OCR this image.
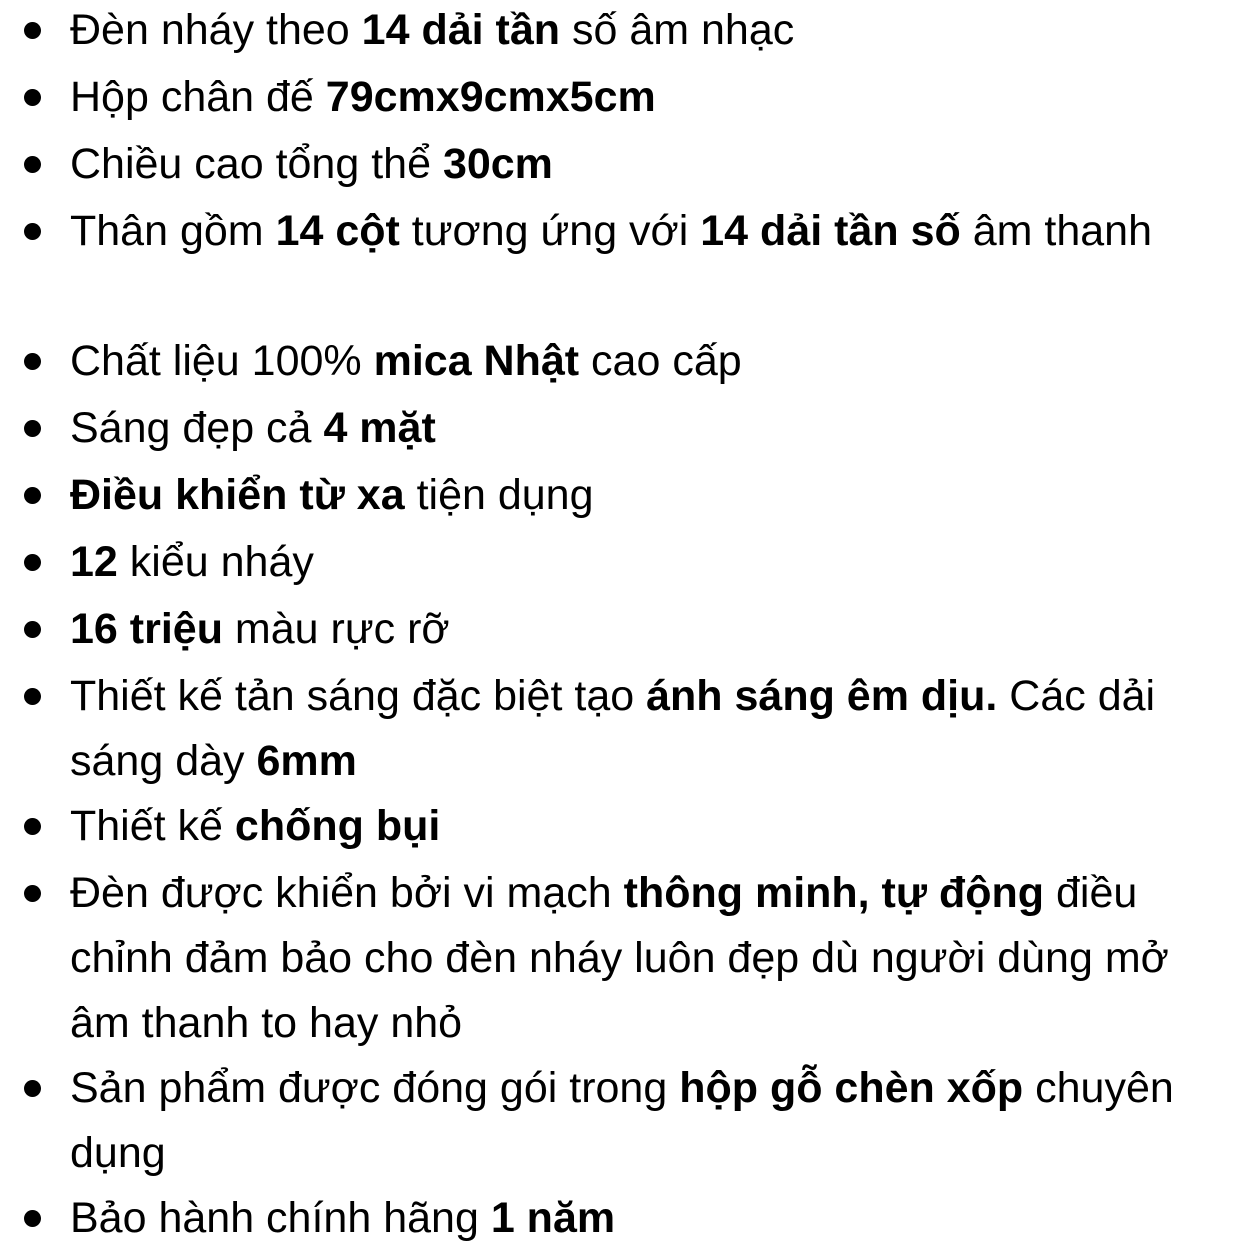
Đèn nháy theo 14 dải tần số âm nhạc
Hộp chân đế 79cmx9cmx5cm
Chiều cao tổng thể 30cm
Thân gồm 14 cột tương ứng với 14 dải tần số âm thanh
Chất liệu 100% mica Nhật cao cấp
Sáng đẹp cả 4 mặt
Điều khiển từ xa tiện dụng
12 kiểu nháy
16 triệu màu rực rỡ
Thiết kế tản sáng đặc biệt tạo ánh sáng êm dịu. Các dải sáng dày 6mm
Thiết kế chống bụi
Đèn được khiển bởi vi mạch thông minh, tự động điều chỉnh đảm bảo cho đèn nháy luôn đẹp dù người dùng mở âm thanh to hay nhỏ
Sản phẩm được đóng gói trong hộp gỗ chèn xốp chuyên dụng
Bảo hành chính hãng 1 năm
